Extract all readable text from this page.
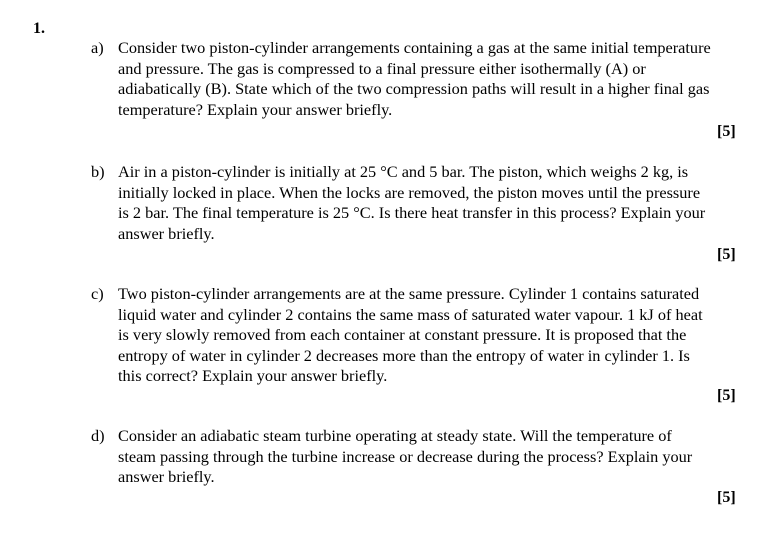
1.
a) Consider two piston-cylinder arrangements containing a gas at the same initial temperature and pressure. The gas is compressed to a final pressure either isothermally (A) or adiabatically (B). State which of the two compression paths will result in a higher final gas temperature? Explain your answer briefly.
[5]
b) Air in a piston-cylinder is initially at 25 °C and 5 bar. The piston, which weighs 2 kg, is initially locked in place. When the locks are removed, the piston moves until the pressure is 2 bar. The final temperature is 25 °C. Is there heat transfer in this process? Explain your answer briefly.
[5]
c) Two piston-cylinder arrangements are at the same pressure. Cylinder 1 contains saturated liquid water and cylinder 2 contains the same mass of saturated water vapour. 1 kJ of heat is very slowly removed from each container at constant pressure. It is proposed that the entropy of water in cylinder 2 decreases more than the entropy of water in cylinder 1. Is this correct? Explain your answer briefly.
[5]
d) Consider an adiabatic steam turbine operating at steady state. Will the temperature of steam passing through the turbine increase or decrease during the process? Explain your answer briefly.
[5]
